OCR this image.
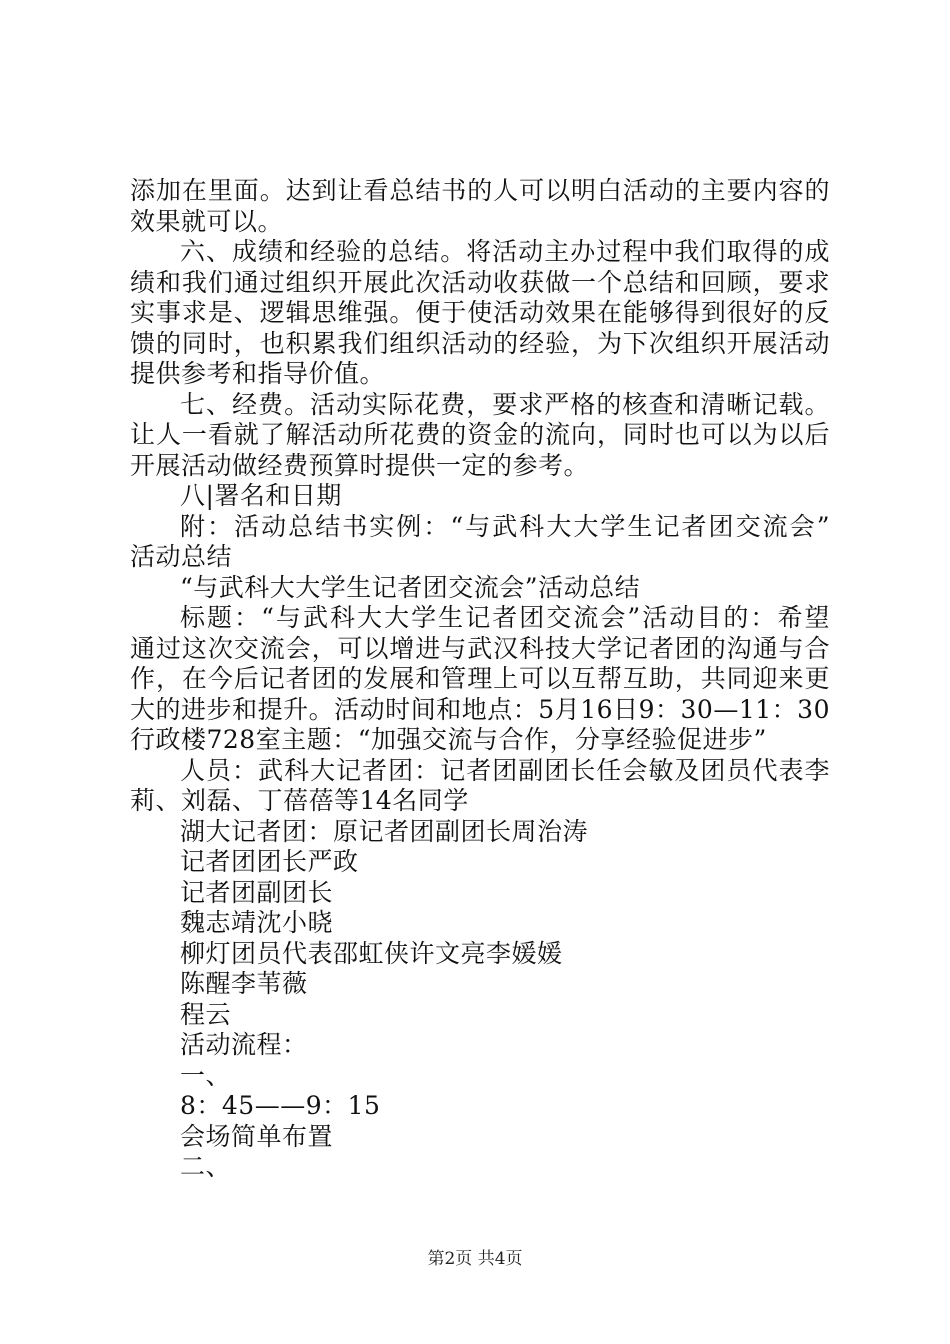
添加在里面。达到让看总结书的人可以明白活动的主要内容的
效果就可以。
六、成绩和经验的总结。将活动主办过程中我们取得的成
绩和我们通过组织开展此次活动收获做一个总结和回顾，要求
实事求是、逻辑思维强。便于使活动效果在能够得到很好的反
馈的同时，也积累我们组织活动的经验，为下次组织开展活动
提供参考和指导价值。
七、经费。活动实际花费，要求严格的核查和清晰记载。
让人一看就了解活动所花费的资金的流向，同时也可以为以后
开展活动做经费预算时提供一定的参考。
八|署名和日期
附：活动总结书实例：“与武科大大学生记者团交流会”
活动总结
“与武科大大学生记者团交流会”活动总结
标题：“与武科大大学生记者团交流会”活动目的：希望
通过这次交流会，可以增进与武汉科技大学记者团的沟通与合
作，在今后记者团的发展和管理上可以互帮互助，共同迎来更
大的进步和提升。活动时间和地点：5月16日9：30—11：30
行政楼728室主题：“加强交流与合作，分享经验促进步”
人员：武科大记者团：记者团副团长任会敏及团员代表李
莉、刘磊、丁蓓蓓等14名同学
湖大记者团：原记者团副团长周治涛
记者团团长严政
记者团副团长
魏志靖沈小晓
柳灯团员代表邵虹侠许文亮李媛媛
陈醒李苇薇
程云
活动流程：
一、
8：45——9：15
会场简单布置
二、
第2页 共4页
